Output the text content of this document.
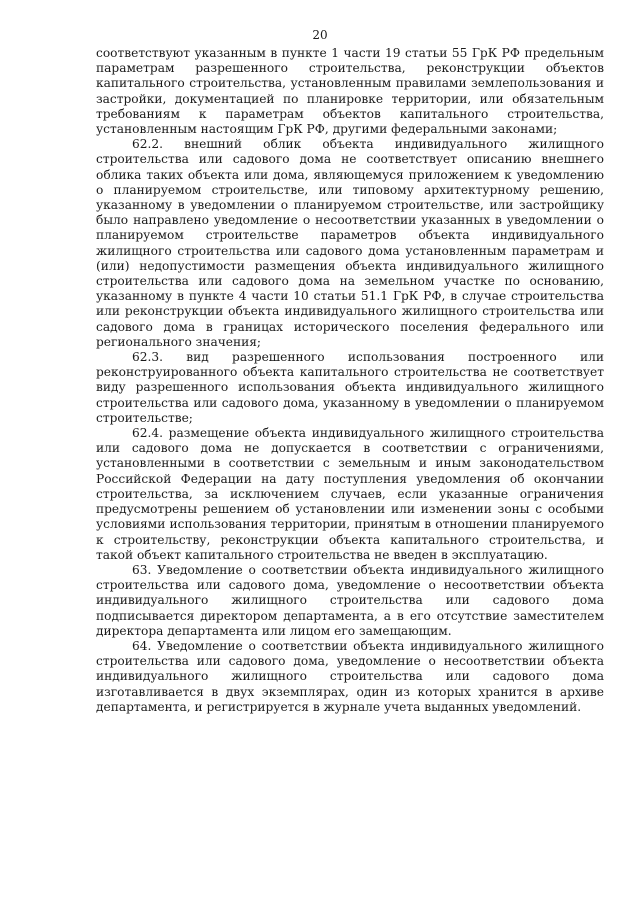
20

соответствуют указанным в пункте 1 части 19 статьи 55 ГрК РФ предельным параметрам разрешенного строительства, реконструкции объектов капитального строительства, установленным правилами землепользования и застройки, документацией по планировке территории, или обязательным требованиям к параметрам объектов капитального строительства, установленным настоящим ГрК РФ, другими федеральными законами;

62.2. внешний облик объекта индивидуального жилищного строительства или садового дома не соответствует описанию внешнего облика таких объекта или дома, являющемуся приложением к уведомлению о планируемом строительстве, или типовому архитектурному решению, указанному в уведомлении о планируемом строительстве, или застройщику было направлено уведомление о несоответствии указанных в уведомлении о планируемом строительстве параметров объекта индивидуального жилищного строительства или садового дома установленным параметрам и (или) недопустимости размещения объекта индивидуального жилищного строительства или садового дома на земельном участке по основанию, указанному в пункте 4 части 10 статьи 51.1 ГрК РФ, в случае строительства или реконструкции объекта индивидуального жилищного строительства или садового дома в границах исторического поселения федерального или регионального значения;

62.3. вид разрешенного использования построенного или реконструированного объекта капитального строительства не соответствует виду разрешенного использования объекта индивидуального жилищного строительства или садового дома, указанному в уведомлении о планируемом строительстве;

62.4. размещение объекта индивидуального жилищного строительства или садового дома не допускается в соответствии с ограничениями, установленными в соответствии с земельным и иным законодательством Российской Федерации на дату поступления уведомления об окончании строительства, за исключением случаев, если указанные ограничения предусмотрены решением об установлении или изменении зоны с особыми условиями использования территории, принятым в отношении планируемого к строительству, реконструкции объекта капитального строительства, и такой объект капитального строительства не введен в эксплуатацию.

63. Уведомление о соответствии объекта индивидуального жилищного строительства или садового дома, уведомление о несоответствии объекта индивидуального жилищного строительства или садового дома подписывается директором департамента, а в его отсутствие заместителем директора департамента или лицом его замещающим.

64. Уведомление о соответствии объекта индивидуального жилищного строительства или садового дома, уведомление о несоответствии объекта индивидуального жилищного строительства или садового дома изготавливается в двух экземплярах, один из которых хранится в архиве департамента, и регистрируется в журнале учета выданных уведомлений.
